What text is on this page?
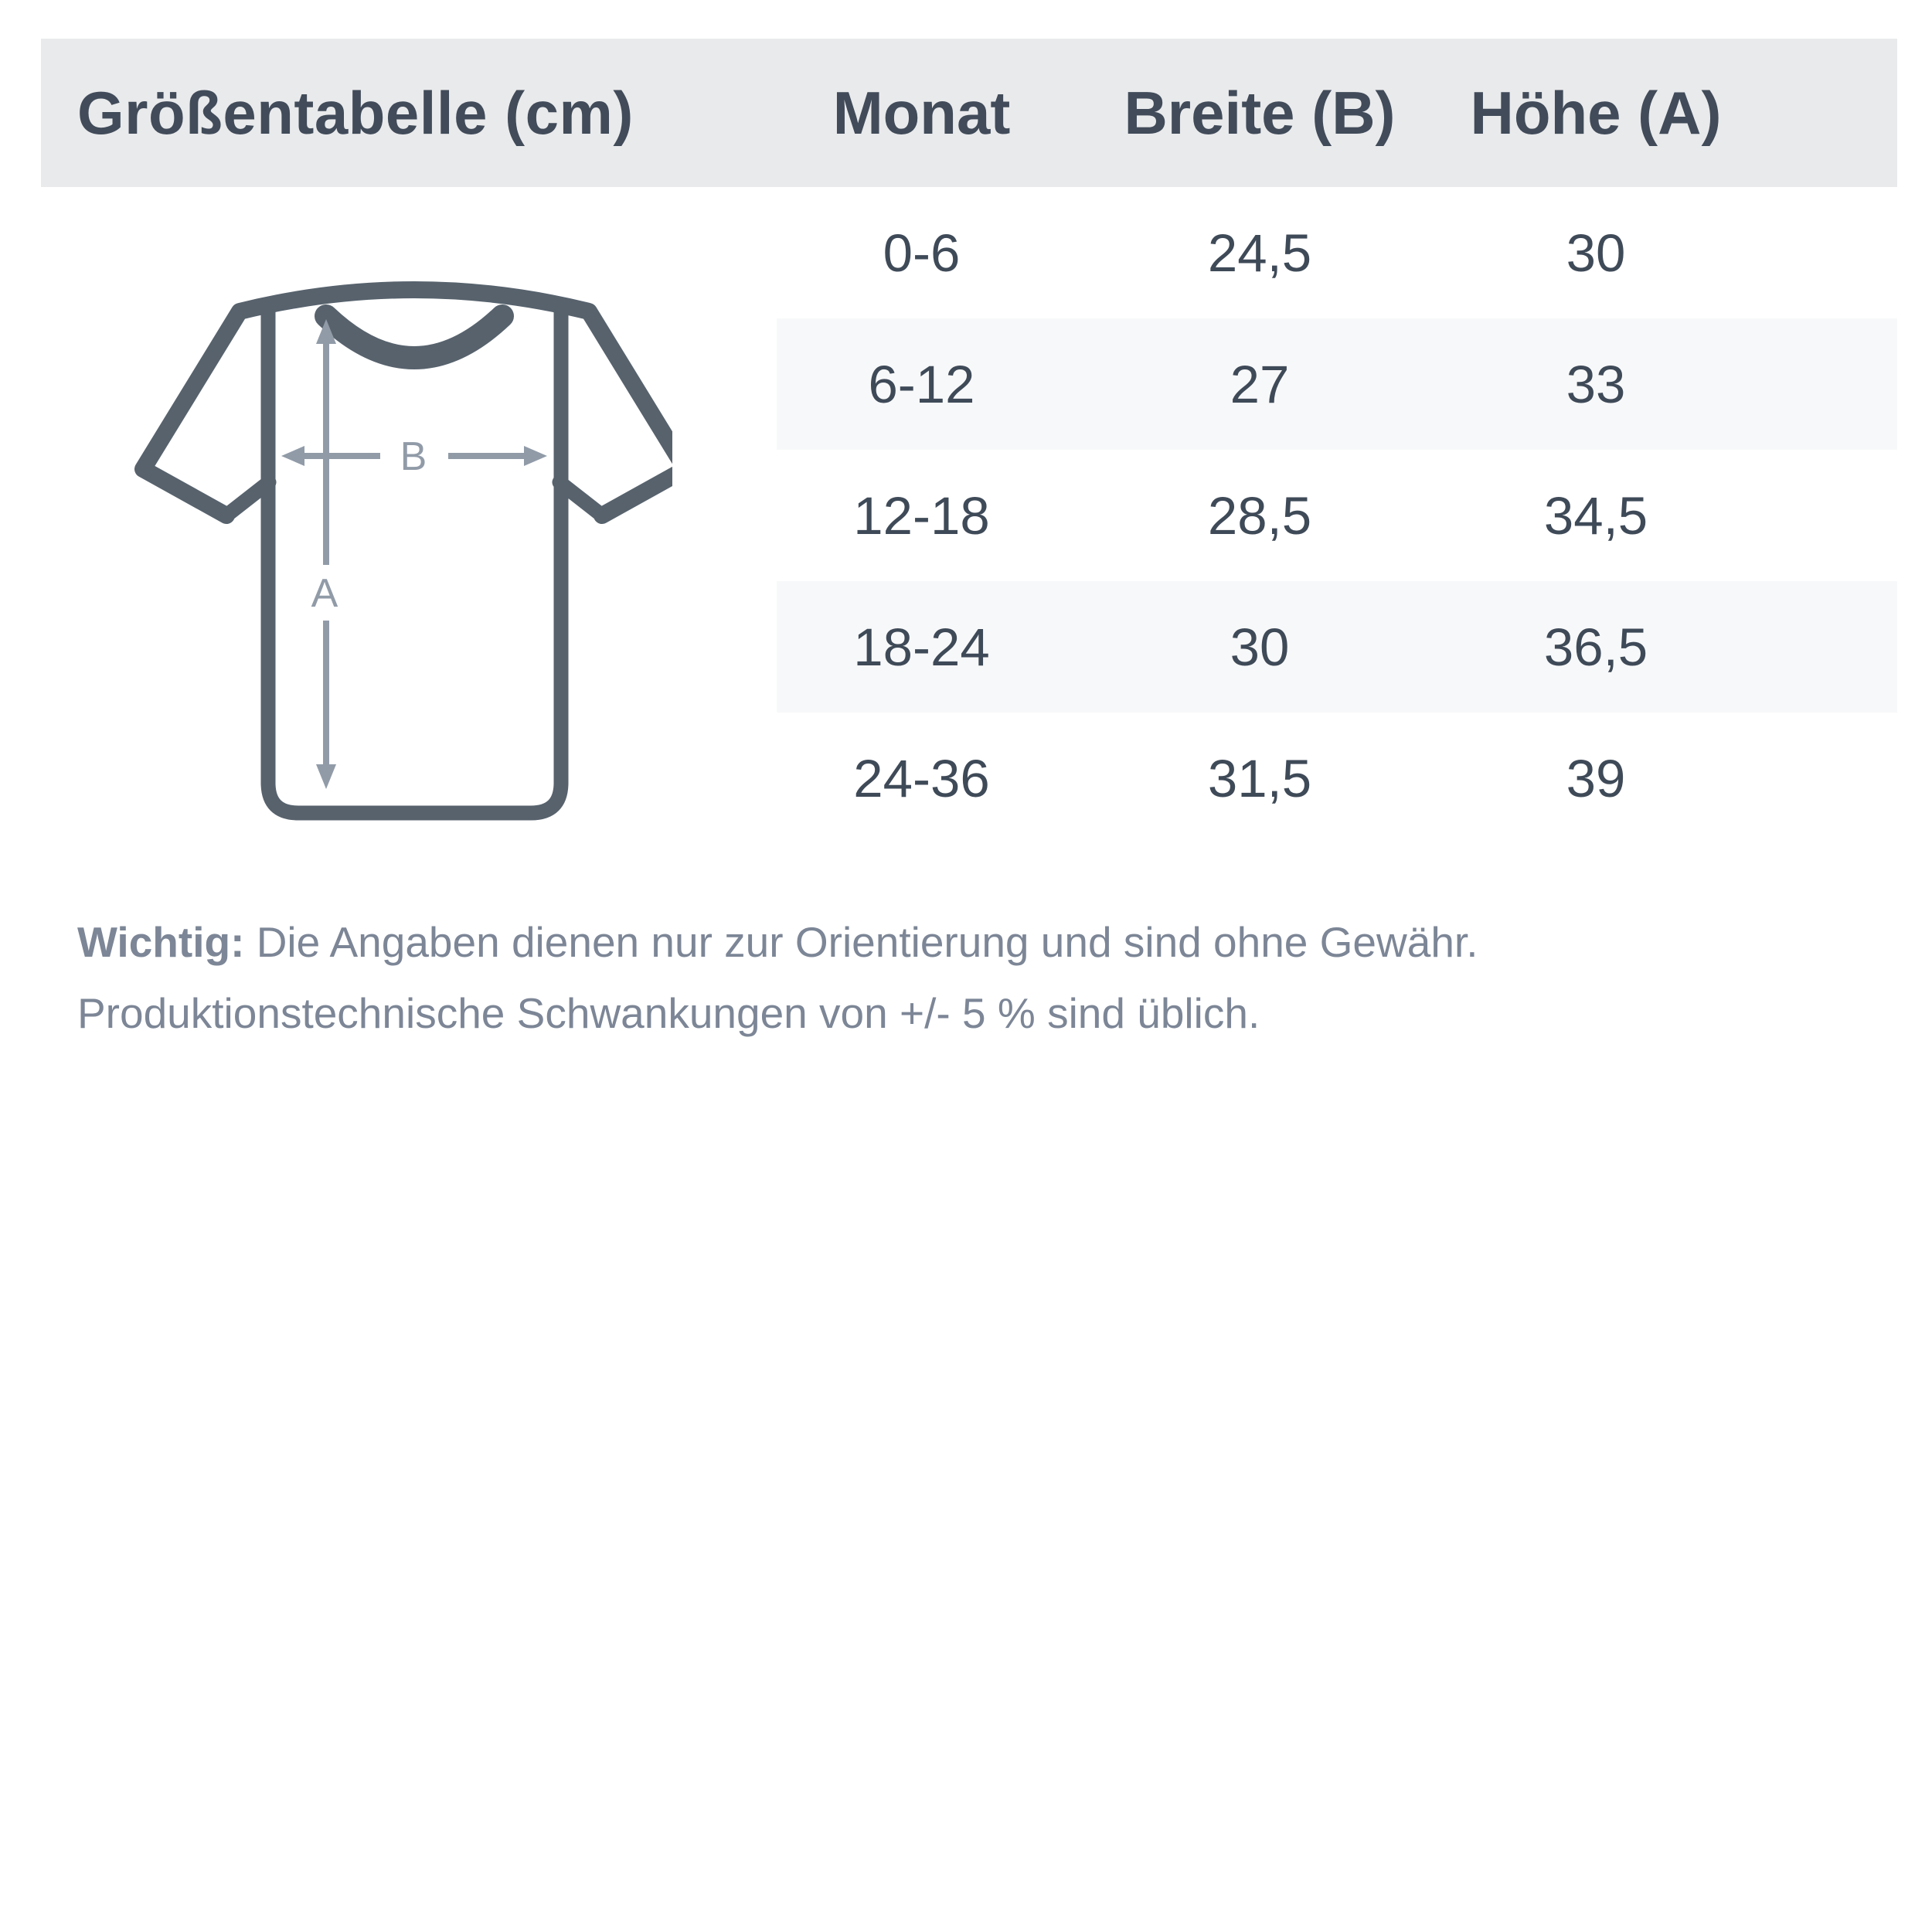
Größentabelle (cm)	Monat	Breite (B)	Höhe (A)
0-6	24,5	30
6-12	27	33
12-18	28,5	34,5
18-24	30	36,5
24-36	31,5	39
A
B

Wichtig: Die Angaben dienen nur zur Orientierung und sind ohne Gewähr.
Produktionstechnische Schwankungen von +/- 5 % sind üblich.
